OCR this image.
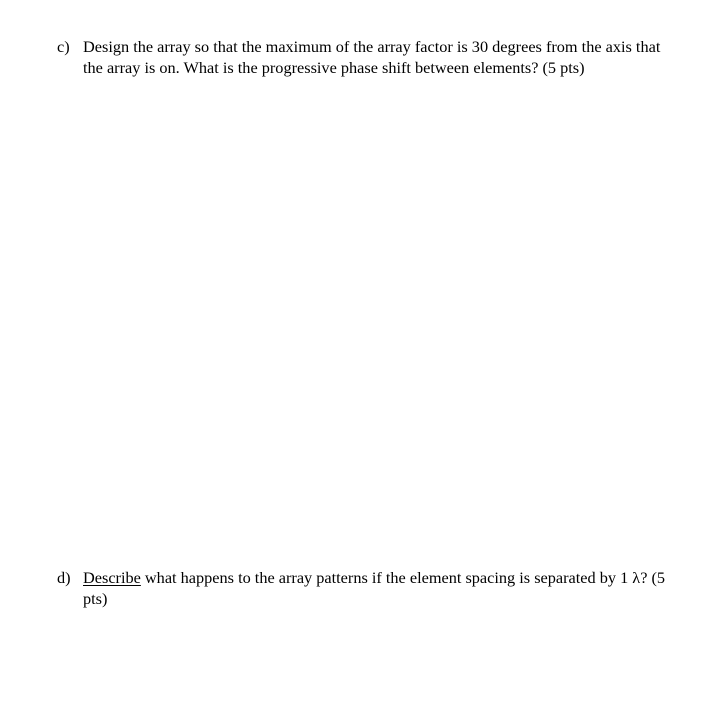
c) Design the array so that the maximum of the array factor is 30 degrees from the axis that the array is on. What is the progressive phase shift between elements? (5 pts)
d) Describe what happens to the array patterns if the element spacing is separated by 1 λ? (5 pts)
